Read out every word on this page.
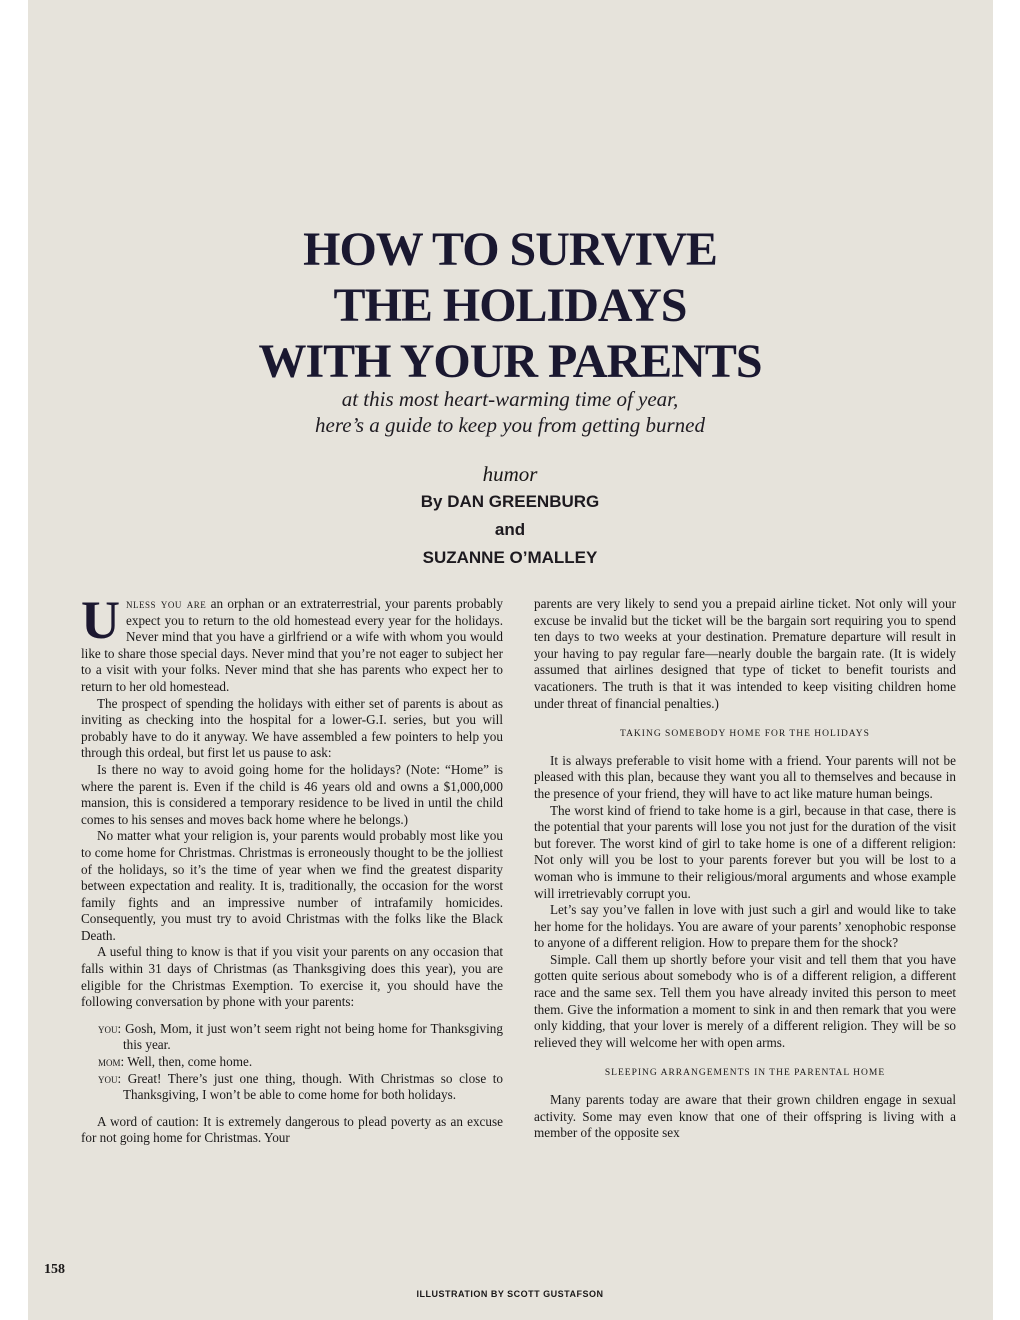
HOW TO SURVIVE
THE HOLIDAYS
WITH YOUR PARENTS
at this most heart-warming time of year,
here’s a guide to keep you from getting burned
humor
By DAN GREENBURG
and
SUZANNE O’MALLEY

Unless you are an orphan or an extraterrestrial, your parents probably expect you to return to the old homestead every year for the holidays. Never mind that you have a girlfriend or a wife with whom you would like to share those special days. Never mind that you’re not eager to subject her to a visit with your folks. Never mind that she has parents who expect her to return to her old homestead.

The prospect of spending the holidays with either set of parents is about as inviting as checking into the hospital for a lower-G.I. series, but you will probably have to do it anyway. We have assembled a few pointers to help you through this ordeal, but first let us pause to ask:

Is there no way to avoid going home for the holidays? (Note: “Home” is where the parent is. Even if the child is 46 years old and owns a $1,000,000 mansion, this is considered a temporary residence to be lived in until the child comes to his senses and moves back home where he belongs.)

No matter what your religion is, your parents would probably most like you to come home for Christmas. Christmas is erroneously thought to be the jolliest of the holidays, so it’s the time of year when we find the greatest disparity between expectation and reality. It is, traditionally, the occasion for the worst family fights and an impressive number of intrafamily homicides. Consequently, you must try to avoid Christmas with the folks like the Black Death.

A useful thing to know is that if you visit your parents on any occasion that falls within 31 days of Christmas (as Thanksgiving does this year), you are eligible for the Christmas Exemption. To exercise it, you should have the following conversation by phone with your parents:

you: Gosh, Mom, it just won’t seem right not being home for Thanksgiving this year.
mom: Well, then, come home.
you: Great! There’s just one thing, though. With Christmas so close to Thanksgiving, I won’t be able to come home for both holidays.

A word of caution: It is extremely dangerous to plead poverty as an excuse for not going home for Christmas. Your

parents are very likely to send you a prepaid airline ticket. Not only will your excuse be invalid but the ticket will be the bargain sort requiring you to spend ten days to two weeks at your destination. Premature departure will result in your having to pay regular fare—nearly double the bargain rate. (It is widely assumed that airlines designed that type of ticket to benefit tourists and vacationers. The truth is that it was intended to keep visiting children home under threat of financial penalties.)

TAKING SOMEBODY HOME FOR THE HOLIDAYS

It is always preferable to visit home with a friend. Your parents will not be pleased with this plan, because they want you all to themselves and because in the presence of your friend, they will have to act like mature human beings.

The worst kind of friend to take home is a girl, because in that case, there is the potential that your parents will lose you not just for the duration of the visit but forever. The worst kind of girl to take home is one of a different religion: Not only will you be lost to your parents forever but you will be lost to a woman who is immune to their religious/moral arguments and whose example will irretrievably corrupt you.

Let’s say you’ve fallen in love with just such a girl and would like to take her home for the holidays. You are aware of your parents’ xenophobic response to anyone of a different religion. How to prepare them for the shock?

Simple. Call them up shortly before your visit and tell them that you have gotten quite serious about somebody who is of a different religion, a different race and the same sex. Tell them you have already invited this person to meet them. Give the information a moment to sink in and then remark that you were only kidding, that your lover is merely of a different religion. They will be so relieved they will welcome her with open arms.

SLEEPING ARRANGEMENTS IN THE PARENTAL HOME

Many parents today are aware that their grown children engage in sexual activity. Some may even know that one of their offspring is living with a member of the opposite sex

158
ILLUSTRATION BY SCOTT GUSTAFSON
